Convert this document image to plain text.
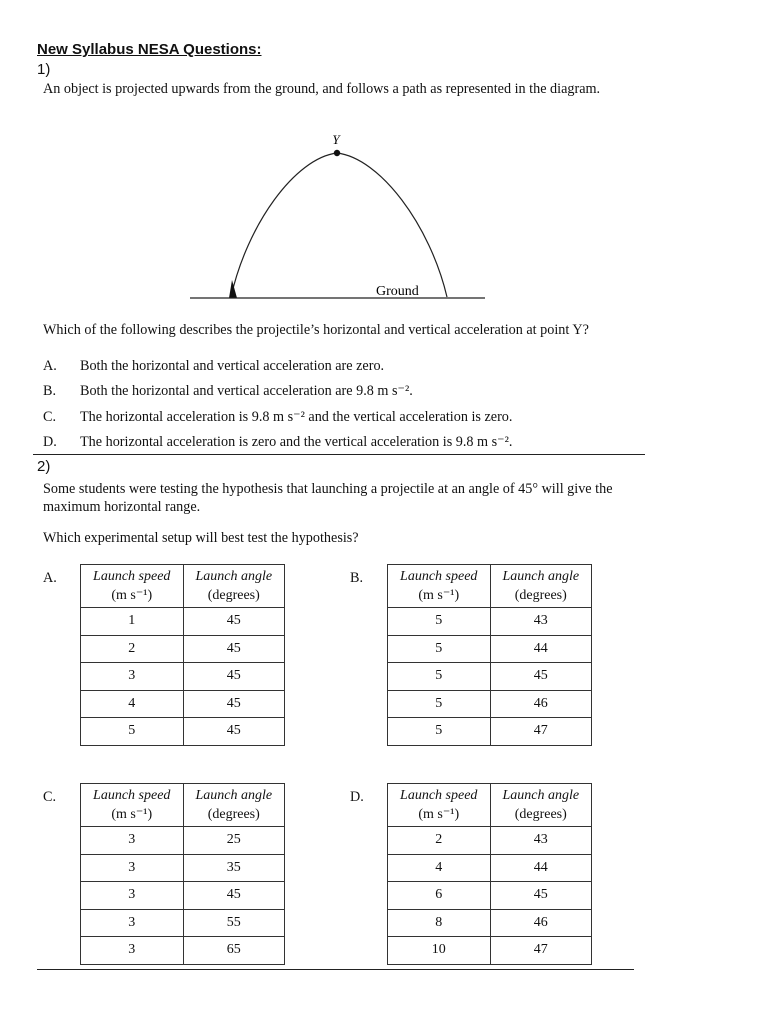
New Syllabus NESA Questions:
1)
An object is projected upwards from the ground, and follows a path as represented in the diagram.
Y
Ground
Which of the following describes the projectile’s horizontal and vertical acceleration at point Y?
A. Both the horizontal and vertical acceleration are zero.
B. Both the horizontal and vertical acceleration are 9.8 m s⁻².
C. The horizontal acceleration is 9.8 m s⁻² and the vertical acceleration is zero.
D. The horizontal acceleration is zero and the vertical acceleration is 9.8 m s⁻².
2)
Some students were testing the hypothesis that launching a projectile at an angle of 45° will give the maximum horizontal range.
Which experimental setup will best test the hypothesis?
A.	Launch speed
(m s⁻¹)	Launch angle
(degrees)
1	45
2	45
3	45
4	45
5	45
B.	Launch speed
(m s⁻¹)	Launch angle
(degrees)
5	43
5	44
5	45
5	46
5	47
C.	Launch speed
(m s⁻¹)	Launch angle
(degrees)
3	25
3	35
3	45
3	55
3	65
D.	Launch speed
(m s⁻¹)	Launch angle
(degrees)
2	43
4	44
6	45
8	46
10	47
